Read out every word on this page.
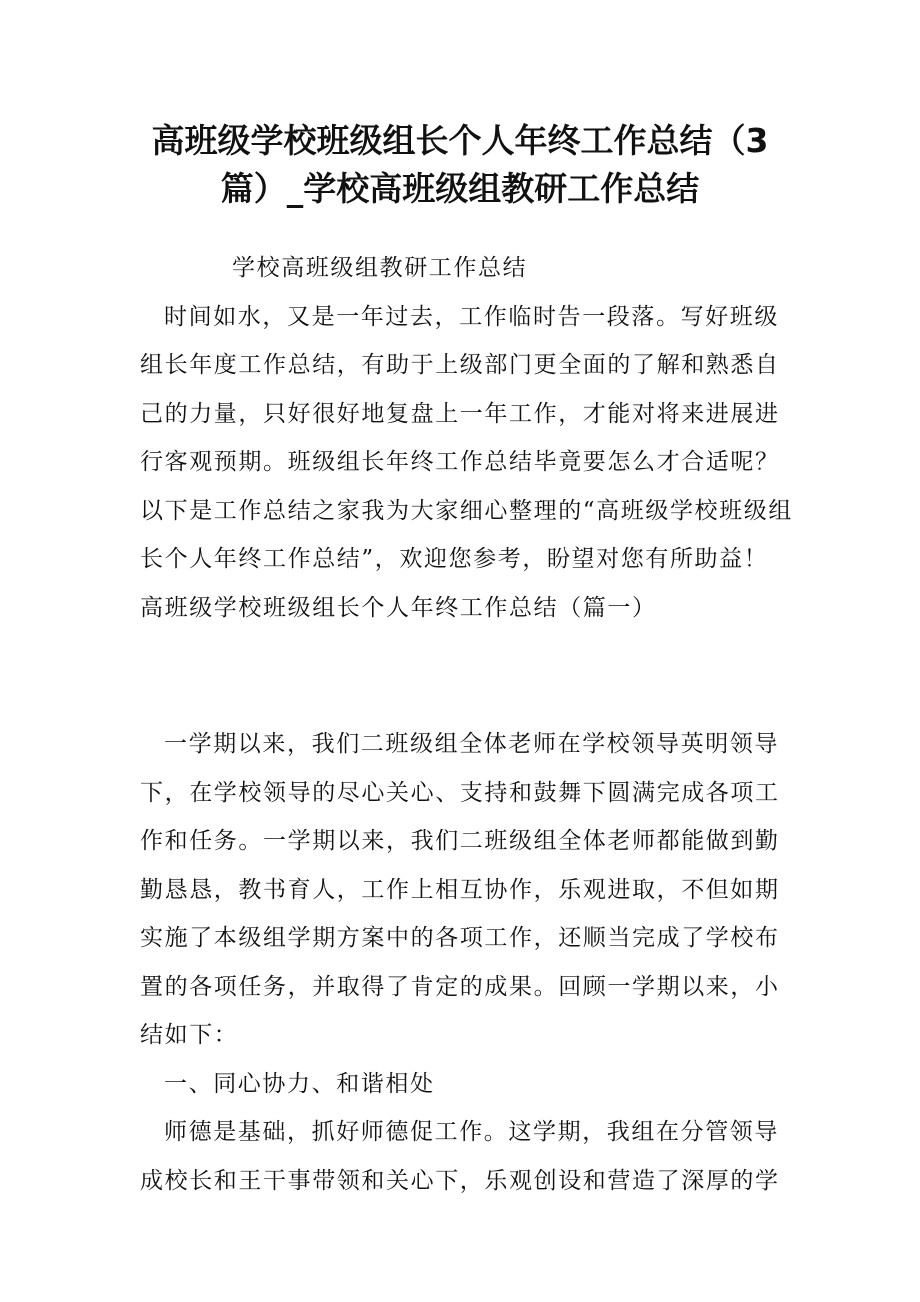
高班级学校班级组长个人年终工作总结（3
篇）_学校高班级组教研工作总结

学校高班级组教研工作总结

时间如水，又是一年过去，工作临时告一段落。写好班级组长年度工作总结，有助于上级部门更全面的了解和熟悉自己的力量，只好很好地复盘上一年工作，才能对将来进展进行客观预期。班级组长年终工作总结毕竟要怎么才合适呢？以下是工作总结之家我为大家细心整理的“高班级学校班级组长个人年终工作总结”，欢迎您参考，盼望对您有所助益！

高班级学校班级组长个人年终工作总结（篇一）

一学期以来，我们二班级组全体老师在学校领导英明领导下，在学校领导的尽心关心、支持和鼓舞下圆满完成各项工作和任务。一学期以来，我们二班级组全体老师都能做到勤勤恳恳，教书育人，工作上相互协作，乐观进取，不但如期实施了本级组学期方案中的各项工作，还顺当完成了学校布置的各项任务，并取得了肯定的成果。回顾一学期以来，小结如下：

一、同心协力、和谐相处

师德是基础，抓好师德促工作。这学期，我组在分管领导成校长和王干事带领和关心下，乐观创设和营造了深厚的学
